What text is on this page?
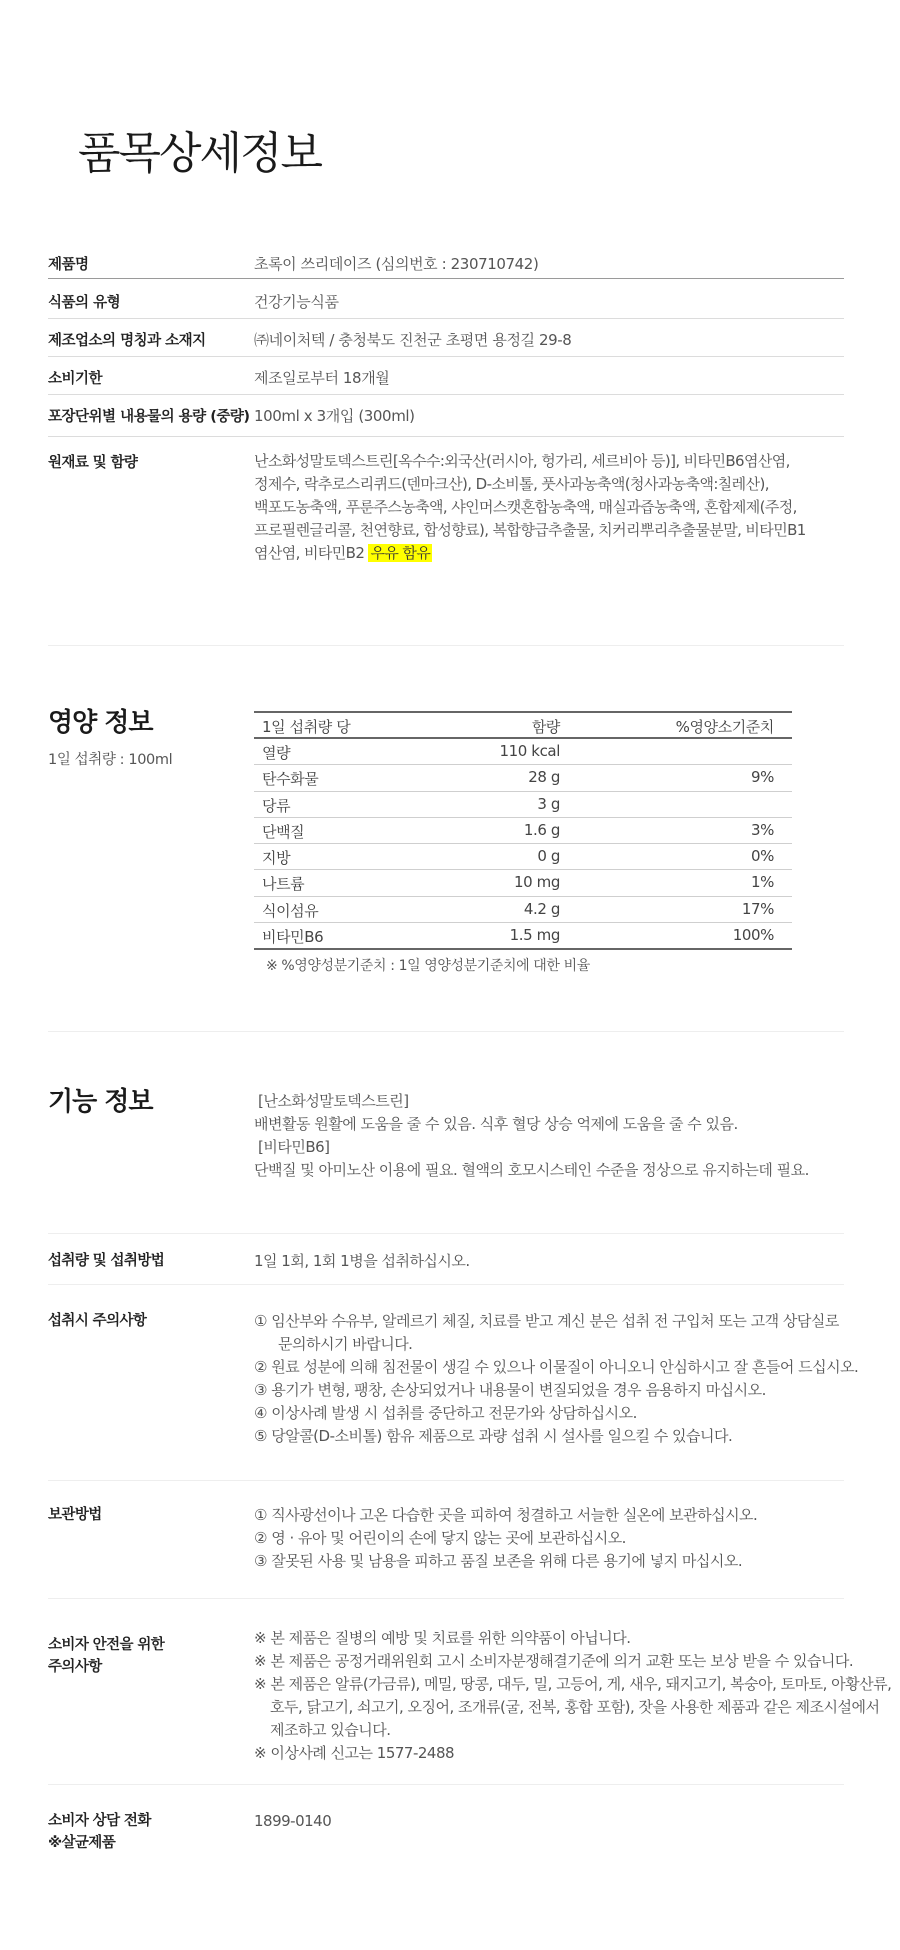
품목상세정보
제품명	초록이 쓰리데이즈 (심의번호 : 230710742)
식품의 유형	건강기능식품
제조업소의 명칭과 소재지	㈜네이처텍 / 충청북도 진천군 초평면 용정길 29-8
소비기한	제조일로부터 18개월
포장단위별 내용물의 용량 (중량) 100ml x 3개입 (300ml)
원재료 및 함량	난소화성말토덱스트린[옥수수:외국산(러시아, 헝가리, 세르비아 등)], 비타민B6염산염,
정제수, 락추로스리퀴드(덴마크산), D-소비톨, 풋사과농축액(청사과농축액:칠레산),
백포도농축액, 푸룬주스농축액, 샤인머스캣혼합농축액, 매실과즙농축액, 혼합제제(주정,
프로필렌글리콜, 천연향료, 합성향료), 복합향급추출물, 치커리뿌리추출물분말, 비타민B1
염산염, 비타민B2 우유 함유
영양 정보
1일 섭취량 : 100ml
1일 섭취량 당	함량	%영양소기준치
열량	110 kcal
탄수화물	28 g	9%
당류	3 g
단백질	1.6 g	3%
지방	0 g	0%
나트륨	10 mg	1%
식이섬유	4.2 g	17%
비타민B6	1.5 mg	100%
※ %영양성분기준치 : 1일 영양성분기준치에 대한 비율
기능 정보	[난소화성말토덱스트린]
배변활동 원활에 도움을 줄 수 있음. 식후 혈당 상승 억제에 도움을 줄 수 있음.
[비타민B6]
단백질 및 아미노산 이용에 필요. 혈액의 호모시스테인 수준을 정상으로 유지하는데 필요.
섭취량 및 섭취방법	1일 1회, 1회 1병을 섭취하십시오.
섭취시 주의사항	① 임산부와 수유부, 알레르기 체질, 치료를 받고 계신 분은 섭취 전 구입처 또는 고객 상담실로
문의하시기 바랍니다.
② 원료 성분에 의해 침전물이 생길 수 있으나 이물질이 아니오니 안심하시고 잘 흔들어 드십시오.
③ 용기가 변형, 팽창, 손상되었거나 내용물이 변질되었을 경우 음용하지 마십시오.
④ 이상사례 발생 시 섭취를 중단하고 전문가와 상담하십시오.
⑤ 당알콜(D-소비톨) 함유 제품으로 과량 섭취 시 설사를 일으킬 수 있습니다.
보관방법	① 직사광선이나 고온 다습한 곳을 피하여 청결하고 서늘한 실온에 보관하십시오.
② 영 · 유아 및 어린이의 손에 닿지 않는 곳에 보관하십시오.
③ 잘못된 사용 및 남용을 피하고 품질 보존을 위해 다른 용기에 넣지 마십시오.
소비자 안전을 위한
주의사항
※ 본 제품은 질병의 예방 및 치료를 위한 의약품이 아닙니다.
※ 본 제품은 공정거래위원회 고시 소비자분쟁해결기준에 의거 교환 또는 보상 받을 수 있습니다.
※ 본 제품은 알류(가금류), 메밀, 땅콩, 대두, 밀, 고등어, 게, 새우, 돼지고기, 복숭아, 토마토, 아황산류,
호두, 닭고기, 쇠고기, 오징어, 조개류(굴, 전복, 홍합 포함), 잣을 사용한 제품과 같은 제조시설에서
제조하고 있습니다.
※ 이상사례 신고는 1577-2488
소비자 상담 전화
※살균제품
1899-0140
